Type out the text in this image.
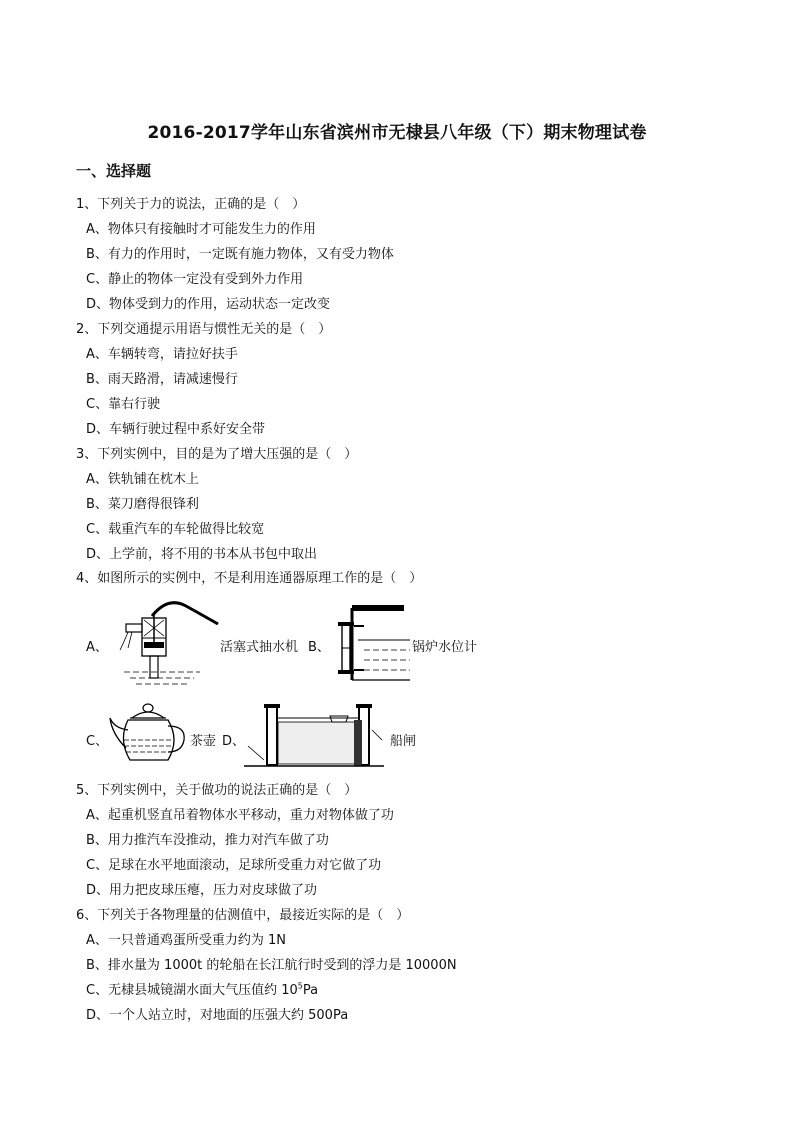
2016-2017学年山东省滨州市无棣县八年级（下）期末物理试卷
一、选择题
1、下列关于力的说法，正确的是（　）
A、物体只有接触时才可能发生力的作用
B、有力的作用时，一定既有施力物体，又有受力物体
C、静止的物体一定没有受到外力作用
D、物体受到力的作用，运动状态一定改变
2、下列交通提示用语与惯性无关的是（　）
A、车辆转弯，请拉好扶手
B、雨天路滑，请减速慢行
C、靠右行驶
D、车辆行驶过程中系好安全带
3、下列实例中，目的是为了增大压强的是（　）
A、铁轨铺在枕木上
B、菜刀磨得很锋利
C、载重汽车的车轮做得比较宽
D、上学前，将不用的书本从书包中取出
4、如图所示的实例中，不是利用连通器原理工作的是（　）
A、	活塞式抽水机 B、	锅炉水位计
C、	茶壶 D、	船闸
5、下列实例中，关于做功的说法正确的是（　）
A、起重机竖直吊着物体水平移动，重力对物体做了功
B、用力推汽车没推动，推力对汽车做了功
C、足球在水平地面滚动，足球所受重力对它做了功
D、用力把皮球压瘪，压力对皮球做了功
6、下列关于各物理量的估测值中，最接近实际的是（　）
A、一只普通鸡蛋所受重力约为 1N
B、排水量为 1000t 的轮船在长江航行时受到的浮力是 10000N
C、无棣县城镜湖水面大气压值约 $10^5Pa$
D、一个人站立时，对地面的压强大约 500Pa
